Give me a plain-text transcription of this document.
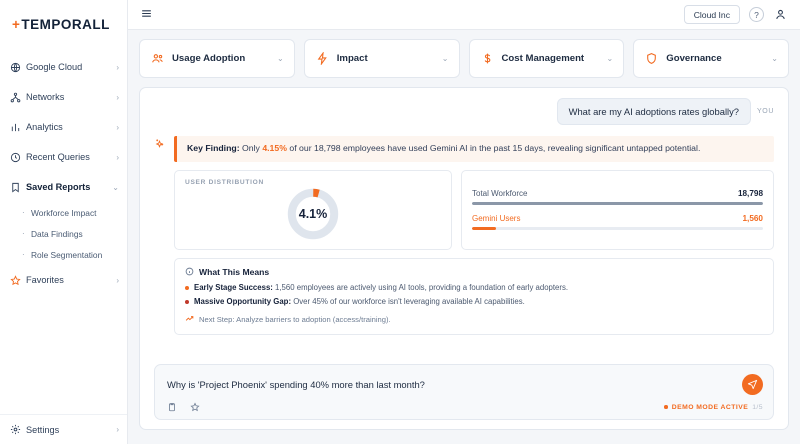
+ TEMPORALL
Google Cloud	›
Networks	›
Analytics	›
Recent Queries	›
Saved Reports	⌄
· Workforce Impact
· Data Findings
· Role Segmentation
Favorites	›
Settings	›
Cloud Inc	?
Usage Adoption	⌄	Impact	⌄	Cost Management	⌄	Governance	⌄
What are my AI adoptions rates globally?	YOU
Key Finding: Only 4.15% of our 18,798 employees have used Gemini AI in the past 15 days, revealing significant untapped potential.
USER DISTRIBUTION
4.1%
Total Workforce	18,798
Gemini Users	1,560
What This Means
Early Stage Success: 1,560 employees are actively using AI tools, providing a foundation of early adopters.
Massive Opportunity Gap: Over 45% of our workforce isn't leveraging available AI capabilities.
Next Step: Analyze barriers to adoption (access/training).
Why is 'Project Phoenix' spending 40% more than last month?
DEMO MODE ACTIVE 1/5
